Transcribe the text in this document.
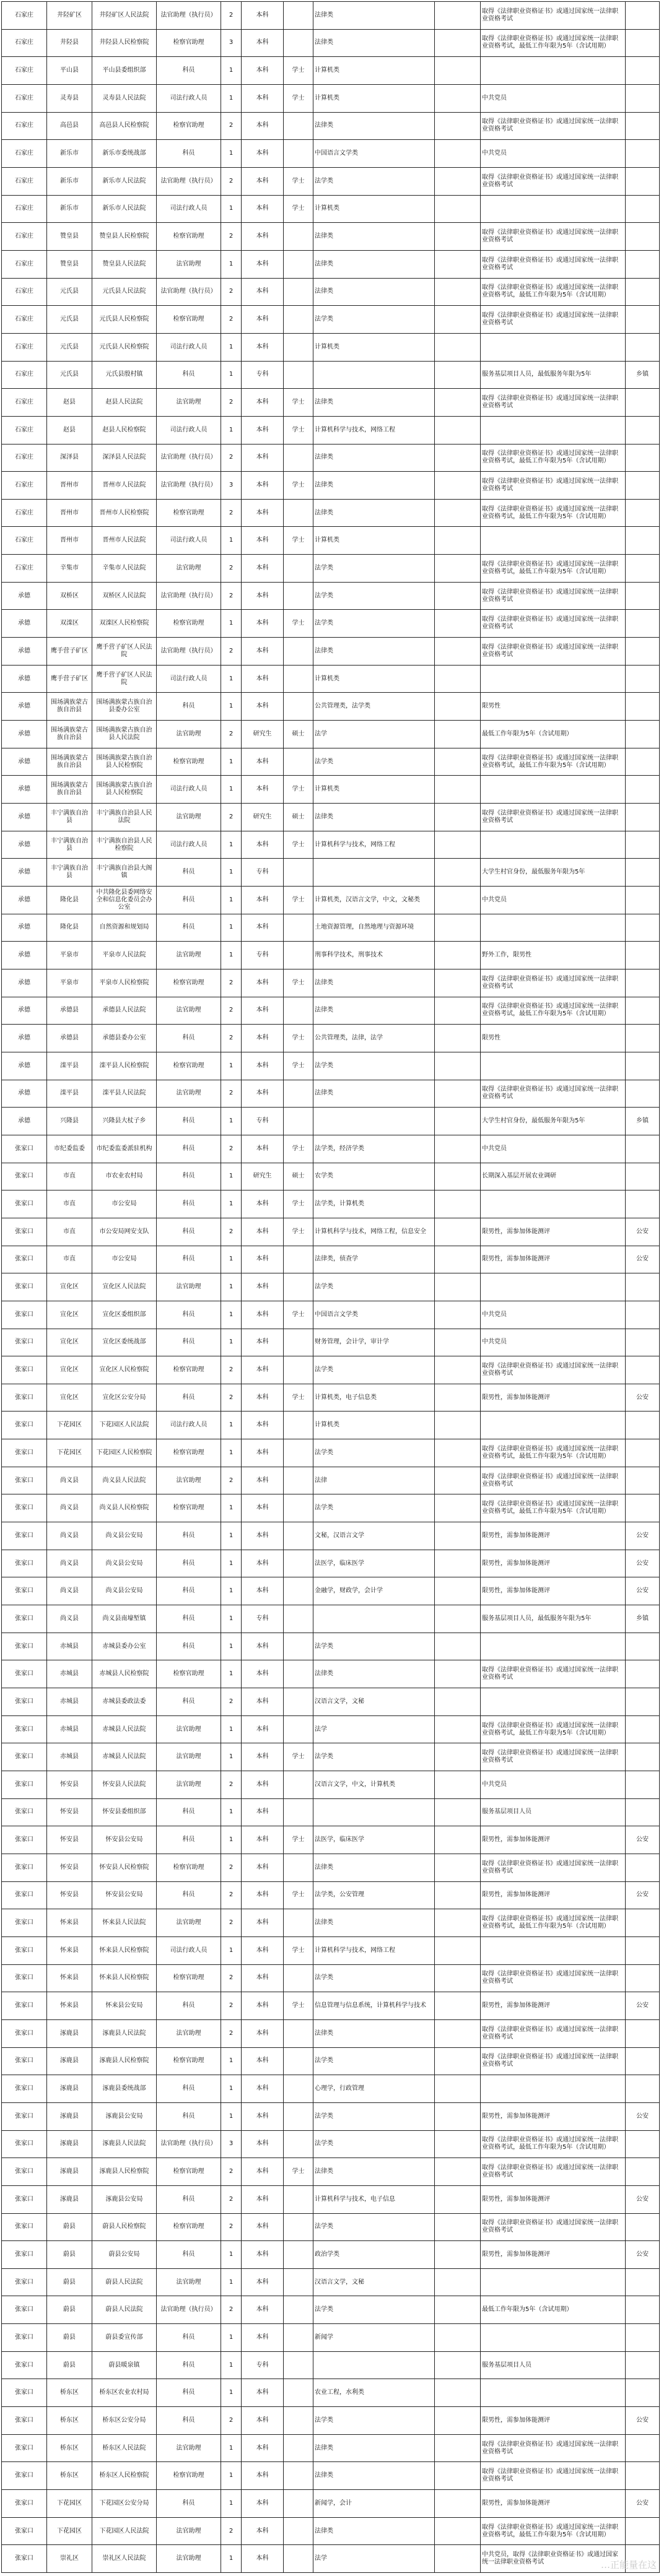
石家庄	井陉矿区	井陉矿区人民法院	法官助理（执行员）	2	本科		法律类		取得《法律职业资格证书》或通过国家统一法律职业资格考试	
石家庄	井陉县	井陉县人民检察院	检察官助理	3	本科		法律类		取得《法律职业资格证书》或通过国家统一法律职业资格考试，最低工作年限为5年（含试用期）	
石家庄	平山县	平山县委组织部	科员	1	本科	学士	计算机类			
石家庄	灵寿县	灵寿县人民法院	司法行政人员	1	本科	学士	计算机类		中共党员	
石家庄	高邑县	高邑县人民检察院	检察官助理	2	本科		法律类		取得《法律职业资格证书》或通过国家统一法律职业资格考试	
石家庄	新乐市	新乐市委统战部	科员	1	本科		中国语言文学类		中共党员	
石家庄	新乐市	新乐市人民法院	法官助理（执行员）	2	本科	学士	法学类		取得《法律职业资格证书》或通过国家统一法律职业资格考试	
石家庄	新乐市	新乐市人民法院	司法行政人员	1	本科	学士	计算机类			
石家庄	赞皇县	赞皇县人民检察院	检察官助理	2	本科		法律类		取得《法律职业资格证书》或通过国家统一法律职业资格考试	
石家庄	赞皇县	赞皇县人民法院	法官助理	1	本科		法律类		取得《法律职业资格证书》或通过国家统一法律职业资格考试	
石家庄	元氏县	元氏县人民法院	法官助理（执行员）	2	本科		法律类		取得《法律职业资格证书》或通过国家统一法律职业资格考试，最低工作年限为5年（含试用期）	
石家庄	元氏县	元氏县人民检察院	检察官助理	2	本科		法学类		取得《法律职业资格证书》或通过国家统一法律职业资格考试	
石家庄	元氏县	元氏县人民检察院	司法行政人员	1	本科		计算机类			
石家庄	元氏县	元氏县殷村镇	科员	1	专科				服务基层项目人员，最低服务年限为5年	乡镇
石家庄	赵县	赵县人民法院	法官助理	2	本科	学士	法律类		取得《法律职业资格证书》或通过国家统一法律职业资格考试	
石家庄	赵县	赵县人民检察院	司法行政人员	1	本科	学士	计算机科学与技术，网络工程			
石家庄	深泽县	深泽县人民法院	法官助理（执行员）	2	本科		法律类		取得《法律职业资格证书》或通过国家统一法律职业资格考试，最低工作年限为5年（含试用期）	
石家庄	晋州市	晋州市人民法院	法官助理（执行员）	3	本科	学士	法律类		取得《法律职业资格证书》或通过国家统一法律职业资格考试	
石家庄	晋州市	晋州市人民检察院	检察官助理	2	本科		法律类		取得《法律职业资格证书》或通过国家统一法律职业资格考试，最低工作年限为5年（含试用期）	
石家庄	晋州市	晋州市人民法院	司法行政人员	1	本科	学士	计算机类			
石家庄	辛集市	辛集市人民法院	法官助理	2	本科		法学类		取得《法律职业资格证书》或通过国家统一法律职业资格考试，最低工作年限为5年（含试用期）	
承德	双桥区	双桥区人民法院	法官助理（执行员）	2	本科		法学类		取得《法律职业资格证书》或通过国家统一法律职业资格考试	
承德	双滦区	双滦区人民检察院	检察官助理	1	本科	学士	法学类		取得《法律职业资格证书》或通过国家统一法律职业资格考试	
承德	鹰手营子矿区	鹰手营子矿区人民法院	法官助理（执行员）	2	本科		法律类		取得《法律职业资格证书》或通过国家统一法律职业资格考试	
承德	鹰手营子矿区	鹰手营子矿区人民法院	司法行政人员	1	本科		计算机类			
承德	围场满族蒙古族自治县	围场满族蒙古族自治县委办公室	科员	1	本科		公共管理类，法学类		限男性	
承德	围场满族蒙古族自治县	围场满族蒙古族自治县人民法院	法官助理	2	研究生	硕士	法学		最低工作年限为5年（含试用期）	
承德	围场满族蒙古族自治县	围场满族蒙古族自治县人民检察院	检察官助理	1	本科		法学类		取得《法律职业资格证书》或通过国家统一法律职业资格考试，最低工作年限为5年（含试用期）	
承德	围场满族蒙古族自治县	围场满族蒙古族自治县人民检察院	司法行政人员	1	本科	学士	计算机类			
承德	丰宁满族自治县	丰宁满族自治县人民法院	法官助理	2	研究生	硕士	法律类		取得《法律职业资格证书》或通过国家统一法律职业资格考试	
承德	丰宁满族自治县	丰宁满族自治县人民检察院	司法行政人员	1	本科	学士	计算机科学与技术，网络工程			
承德	丰宁满族自治县	丰宁满族自治县大阁镇	科员	1	专科				大学生村官身份，最低服务年限为5年	
承德	隆化县	中共隆化县委网络安全和信息化委员会办公室	科员	1	本科	学士	计算机类，汉语言文学，中文，文秘类		中共党员	
承德	隆化县	自然资源和规划局	科员	1	本科		土地资源管理，自然地理与资源环境			
承德	平泉市	平泉市人民法院	法官助理	1	专科		刑事科学技术，刑事技术		野外工作，限男性	
承德	平泉市	平泉市人民检察院	检察官助理	2	本科	学士	法律类		取得《法律职业资格证书》或通过国家统一法律职业资格考试	
承德	承德县	承德县人民法院	法官助理	2	本科		法律类		取得《法律职业资格证书》或通过国家统一法律职业资格考试，最低工作年限为5年（含试用期）	
承德	承德县	承德县委办公室	科员	2	本科	学士	公共管理类，法律，法学		限男性	
承德	滦平县	滦平县人民检察院	检察官助理	1	本科	学士	法学类			
承德	滦平县	滦平县人民法院	法官助理	2	本科		法律类		取得《法律职业资格证书》或通过国家统一法律职业资格考试	
承德	兴隆县	兴隆县大杖子乡	科员	1	专科				大学生村官身份，最低服务年限为5年	乡镇
张家口	市纪委监委	市纪委监委派驻机构	科员	2	本科	学士	法学类，经济学类		中共党员	
张家口	市直	市农业农村局	科员	1	研究生	硕士	农学类		长期深入基层开展农业调研	
张家口	市直	市公安局	科员	1	本科	学士	法学类，计算机类			
张家口	市直	市公安局网安支队	科员	2	本科	学士	计算机科学与技术，网络工程，信息安全		限男性，需参加体能测评	公安
张家口	市直	市公安局	科员	1	本科		法律类，侦查学		限男性，需参加体能测评	公安
张家口	宣化区	宣化区人民法院	法官助理	1	本科		法学类			
张家口	宣化区	宣化区委组织部	科员	1	本科	学士	中国语言文学类		中共党员	
张家口	宣化区	宣化区委统战部	科员	1	本科		财务管理，会计学，审计学		中共党员	
张家口	宣化区	宣化区人民检察院	检察官助理	2	本科		法学类		取得《法律职业资格证书》或通过国家统一法律职业资格考试	
张家口	宣化区	宣化区公安分局	科员	2	本科	学士	计算机类，电子信息类		限男性，需参加体能测评	公安
张家口	下花园区	下花园区人民法院	司法行政人员	1	本科		计算机类			
张家口	下花园区	下花园区人民检察院	检察官助理	1	本科		法学类		取得《法律职业资格证书》或通过国家统一法律职业资格考试，最低工作年限为5年（含试用期）	
张家口	尚义县	尚义县人民法院	法官助理	2	本科		法律		取得《法律职业资格证书》或通过国家统一法律职业资格考试	
张家口	尚义县	尚义县人民检察院	检察官助理	1	本科		法学类		取得《法律职业资格证书》或通过国家统一法律职业资格考试，最低工作年限为5年（含试用期）	
张家口	尚义县	尚义县公安局	科员	1	本科		文秘，汉语言文学		限男性，需参加体能测评	公安
张家口	尚义县	尚义县公安局	科员	1	本科		法医学，临床医学		限男性，需参加体能测评	公安
张家口	尚义县	尚义县公安局	科员	1	本科		金融学，财政学，会计学		限男性，需参加体能测评	公安
张家口	尚义县	尚义县南壕堑镇	科员	1	专科				服务基层项目人员，最低服务年限为5年	乡镇
张家口	赤城县	赤城县委办公室	科员	1	本科		法学类			
张家口	赤城县	赤城县人民检察院	检察官助理	1	本科		法律类		取得《法律职业资格证书》或通过国家统一法律职业资格考试	
张家口	赤城县	赤城县委政法委	科员	2	本科		汉语言文学，文秘			
张家口	赤城县	赤城县人民法院	法官助理	1	本科		法学		取得《法律职业资格证书》或通过国家统一法律职业资格考试，最低工作年限为5年（含试用期）	
张家口	赤城县	赤城县人民法院	法官助理	1	本科	学士	法学类		取得《法律职业资格证书》或通过国家统一法律职业资格考试	
张家口	怀安县	怀安县人民法院	法官助理	2	本科		汉语言文学，中文，计算机类		中共党员	
张家口	怀安县	怀安县委组织部	科员	1	本科				服务基层项目人员	
张家口	怀安县	怀安县公安局	科员	1	本科	学士	法医学，临床医学		限男性，需参加体能测评	公安
张家口	怀安县	怀安县人民检察院	检察官助理	2	本科		法律类		取得《法律职业资格证书》或通过国家统一法律职业资格考试	
张家口	怀安县	怀安县公安局	科员	2	本科	学士	法学类，公安管理		限男性，需参加体能测评	公安
张家口	怀来县	怀来县人民法院	法官助理	2	本科		法律类		取得《法律职业资格证书》或通过国家统一法律职业资格考试，最低工作年限为5年（含试用期）	
张家口	怀来县	怀来县人民检察院	司法行政人员	1	本科	学士	计算机科学与技术，网络工程			
张家口	怀来县	怀来县人民检察院	检察官助理	2	本科		法学类		取得《法律职业资格证书》或通过国家统一法律职业资格考试	
张家口	怀来县	怀来县公安局	科员	2	本科	学士	信息管理与信息系统，计算机科学与技术		限男性，需参加体能测评	公安
张家口	涿鹿县	涿鹿县人民法院	法官助理	2	本科		法律类		取得《法律职业资格证书》或通过国家统一法律职业资格考试	
张家口	涿鹿县	涿鹿县人民检察院	检察官助理	1	本科		法学类		取得《法律职业资格证书》或通过国家统一法律职业资格考试	
张家口	涿鹿县	涿鹿县委统战部	科员	1	本科		心理学，行政管理			
张家口	涿鹿县	涿鹿县公安局	科员	1	本科		法学类		限男性，需参加体能测评	公安
张家口	涿鹿县	涿鹿县人民法院	法官助理（执行员）	3	本科		法学类		取得《法律职业资格证书》或通过国家统一法律职业资格考试，最低工作年限为5年（含试用期）	
张家口	涿鹿县	涿鹿县人民检察院	检察官助理	2	本科	学士	法律类		取得《法律职业资格证书》或通过国家统一法律职业资格考试	
张家口	涿鹿县	涿鹿县公安局	科员	2	本科		计算机科学与技术，电子信息		限男性，需参加体能测评	公安
张家口	蔚县	蔚县人民检察院	检察官助理	2	本科		法学类		取得《法律职业资格证书》或通过国家统一法律职业资格考试	
张家口	蔚县	蔚县公安局	科员	1	本科		政治学类		限男性，需参加体能测评	公安
张家口	蔚县	蔚县人民法院	法官助理	1	本科		汉语言文学，文秘			
张家口	蔚县	蔚县人民法院	法官助理（执行员）	2	本科		法学类		最低工作年限为5年（含试用期）	
张家口	蔚县	蔚县委宣传部	科员	1	本科		新闻学			
张家口	蔚县	蔚县暖泉镇	科员	1	专科				服务基层项目人员	
张家口	桥东区	桥东区农业农村局	科员	1	本科		农业工程，水利类			
张家口	桥东区	桥东区公安分局	科员	2	本科		法学类		限男性，需参加体能测评	公安
张家口	桥东区	桥东区人民法院	法官助理	1	本科		法律类		取得《法律职业资格证书》或通过国家统一法律职业资格考试	
张家口	桥东区	桥东区人民检察院	检察官助理	1	本科		法律类		取得《法律职业资格证书》或通过国家统一法律职业资格考试	
张家口	下花园区	下花园区公安分局	科员	1	本科		新闻学，会计		限男性，需参加体能测评	公安
张家口	下花园区	下花园区人民法院	法官助理	2	本科		法律类		取得《法律职业资格证书》或通过国家统一法律职业资格考试，最低工作年限为5年（含试用期）	
张家口	崇礼区	崇礼区人民法院	法官助理	1	本科		法学		中共党员，取得《法律职业资格证书》或通过国家统一法律职业资格考试		…正能量在这
